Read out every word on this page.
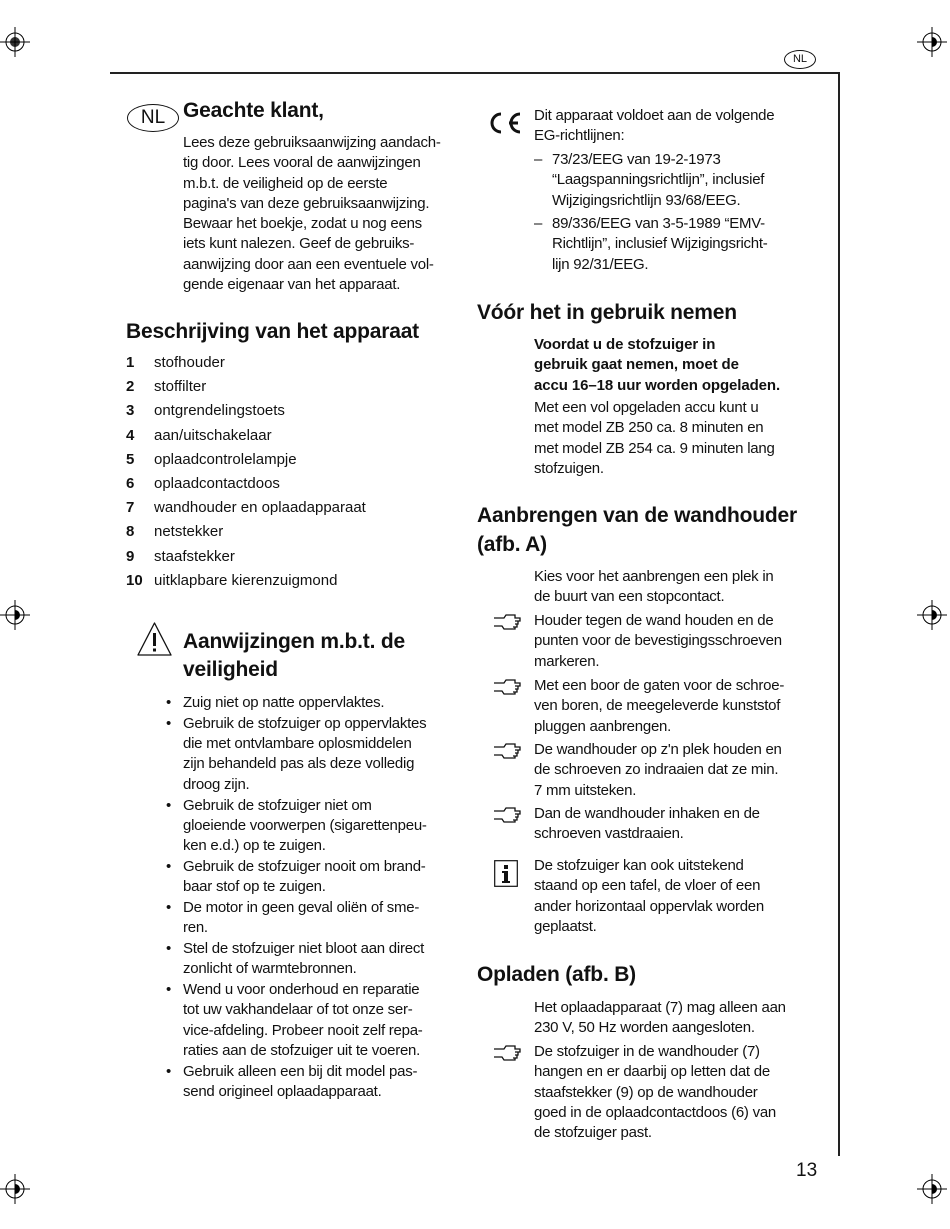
NL
13
NL Geachte klant,
Lees deze gebruiksaanwijzing aandach-
tig door. Lees vooral de aanwijzingen
m.b.t. de veiligheid op de eerste
pagina's van deze gebruiksaanwijzing.
Bewaar het boekje, zodat u nog eens
iets kunt nalezen. Geef de gebruiks-
aanwijzing door aan een eventuele vol-
gende eigenaar van het apparaat.
Beschrijving van het apparaat
Aanwijzingen m.b.t. de
veiligheid
Dit apparaat voldoet aan de volgende
EG-richtlijnen:
Vóór het in gebruik nemen
Voordat u de stofzuiger in
gebruik gaat nemen, moet de
accu 16–18 uur worden opgeladen.
Met een vol opgeladen accu kunt u
met model ZB 250 ca. 8 minuten en
met model ZB 254 ca. 9 minuten lang
stofzuigen.
Aanbrengen van de wandhouder
(afb. A)
Kies voor het aanbrengen een plek in
de buurt van een stopcontact.
De stofzuiger kan ook uitstekend
staand op een tafel, de vloer of een
ander horizontaal oppervlak worden
geplaatst.
Opladen (afb. B)
Het oplaadapparaat (7) mag alleen aan
230 V, 50 Hz worden aangesloten.
1 stofhouder
2 stoffilter
3 ontgrendelingstoets
4 aan/uitschakelaar
5 oplaadcontrolelampje
6 oplaadcontactdoos
7 wandhouder en oplaadapparaat
8 netstekker
9 staafstekker
10 uitklapbare kierenzuigmond
• Zuig niet op natte oppervlaktes.
• Gebruik de stofzuiger op oppervlaktes
die met ontvlambare oplosmiddelen
zijn behandeld pas als deze volledig
droog zijn.
• Gebruik de stofzuiger niet om
gloeiende voorwerpen (sigarettenpeu-
ken e.d.) op te zuigen.
• Gebruik de stofzuiger nooit om brand-
baar stof op te zuigen.
• De motor in geen geval oliën of sme-
ren.
• Stel de stofzuiger niet bloot aan direct
zonlicht of warmtebronnen.
• Wend u voor onderhoud en reparatie
tot uw vakhandelaar of tot onze ser-
vice-afdeling. Probeer nooit zelf repa-
raties aan de stofzuiger uit te voeren.
• Gebruik alleen een bij dit model pas-
send origineel oplaadapparaat.
– 73/23/EEG van 19-2-1973
“Laagspanningsrichtlijn”, inclusief
Wijzigingsrichtlijn 93/68/EEG.
– 89/336/EEG van 3-5-1989 “EMV-
Richtlijn”, inclusief Wijzigingsricht-
lijn 92/31/EEG.
Houder tegen de wand houden en de
punten voor de bevestigingsschroeven
markeren.
Met een boor de gaten voor de schroe-
ven boren, de meegeleverde kunststof
pluggen aanbrengen.
De wandhouder op z'n plek houden en
de schroeven zo indraaien dat ze min.
7 mm uitsteken.
Dan de wandhouder inhaken en de
schroeven vastdraaien.
De stofzuiger in de wandhouder (7)
hangen en er daarbij op letten dat de
staafstekker (9) op de wandhouder
goed in de oplaadcontactdoos (6) van
de stofzuiger past.
